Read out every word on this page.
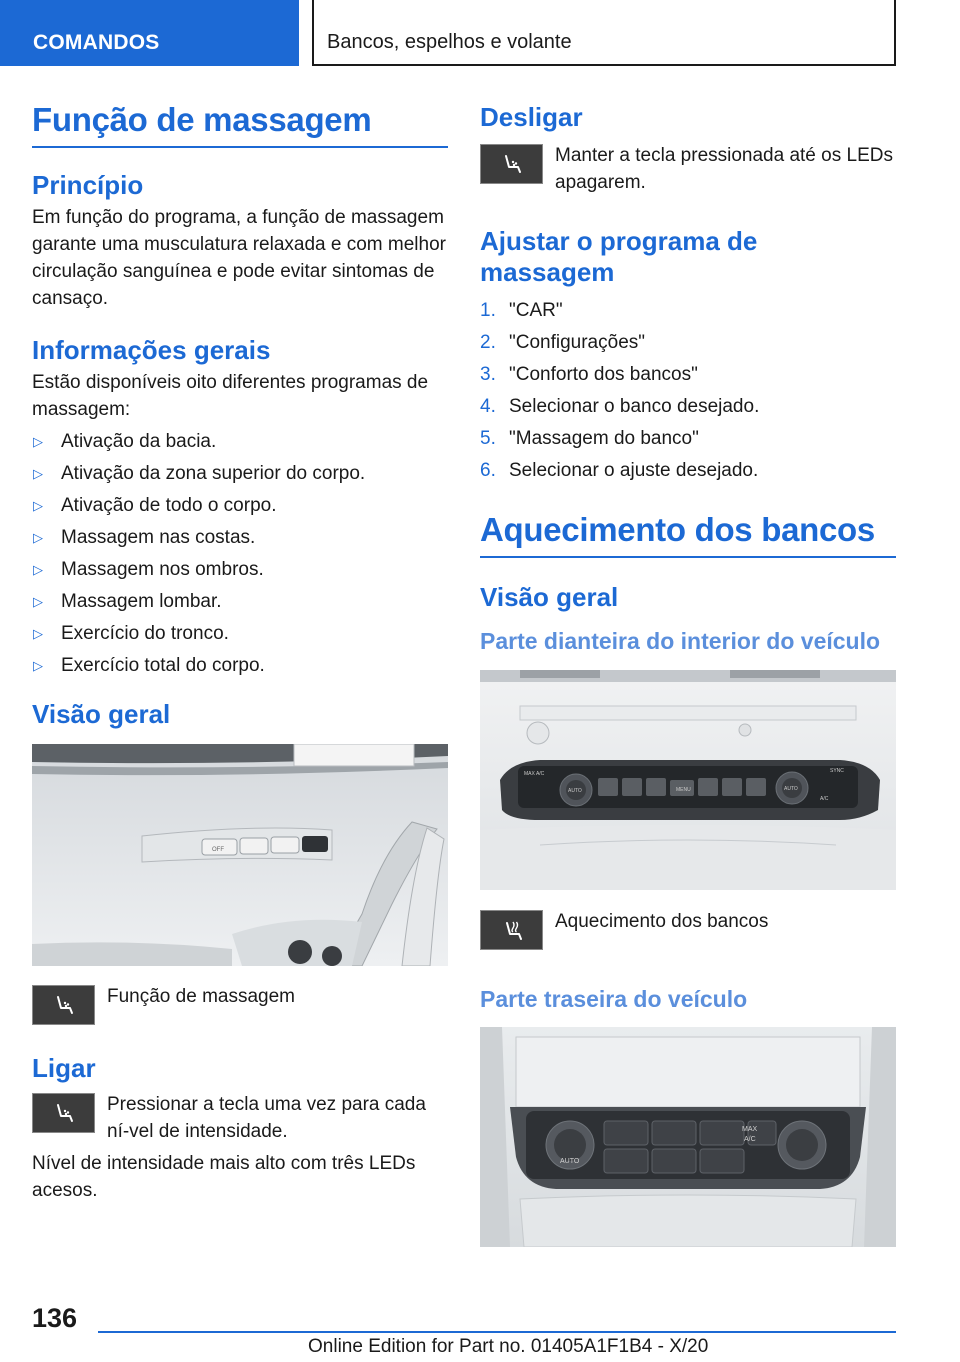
COMANDOS	Bancos, espelhos e volante
Função de massagem
Princípio

Em função do programa, a função de massagem garante uma musculatura relaxada e com melhor circulação sanguínea e pode evitar sintomas de cansaço.

Informações gerais

Estão disponíveis oito diferentes programas de massagem:

▷ Ativação da bacia.
▷ Ativação da zona superior do corpo.
▷ Ativação de todo o corpo.
▷ Massagem nas costas.
▷ Massagem nos ombros.
▷ Massagem lombar.
▷ Exercício do tronco.
▷ Exercício total do corpo.
Visão geral
OFF

Função de massagem

Ligar

Pressionar a tecla uma vez para cada ní-vel de intensidade.

Nível de intensidade mais alto com três LEDs acesos.

Desligar

Manter a tecla pressionada até os LEDs apagarem.

Ajustar o programa de massagem
1. "CAR"
2. "Configurações"
3. "Conforto dos bancos"
4. Selecionar o banco desejado.
5. "Massagem do banco"
6. Selecionar o ajuste desejado.
Aquecimento dos bancos
Visão geral
Parte dianteira do interior do veículo
MAX A/C	SYNC
MENU
A/C
AUTO	AUTO

Aquecimento dos bancos

Parte traseira do veículo
AUTO
MAX
A/C
136
Online Edition for Part no. 01405A1F1B4 - X/20
